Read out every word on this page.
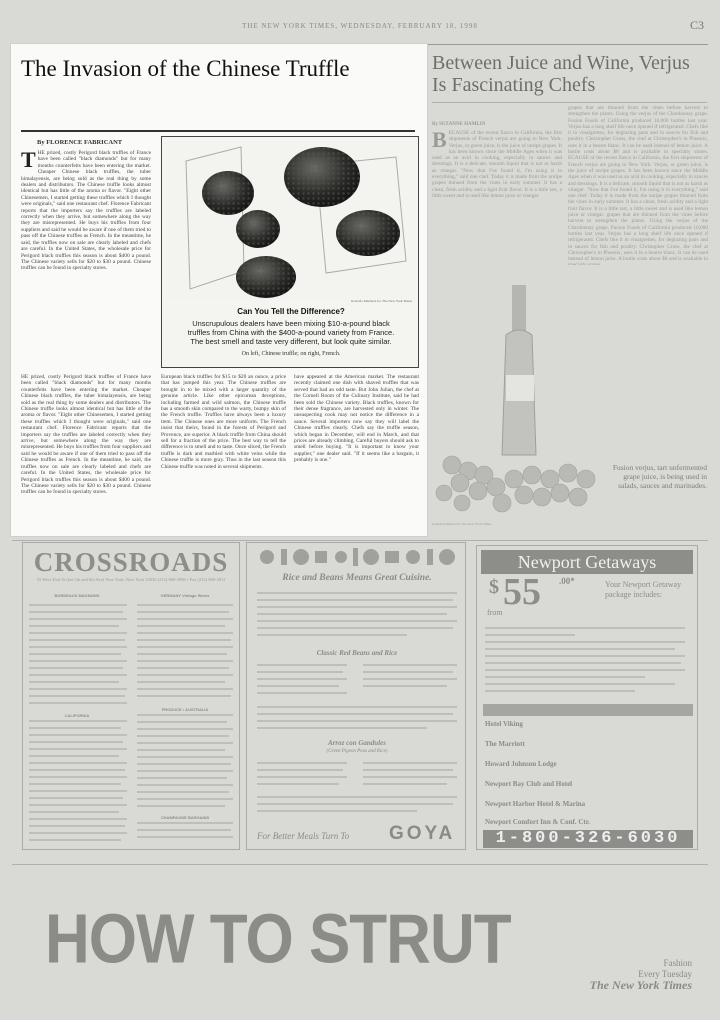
THE NEW YORK TIMES, WEDNESDAY, FEBRUARY 18, 1998	C3
The Invasion of the Chinese Truffle
By FLORENCE FABRICANT
T HE prized, costly Perigord black truffles of France have been called "black diamonds" but for many months counterfeits have been entering the market. Cheaper Chinese black truffles, the tuber himalayensis, are being sold as the real thing by some dealers and distributors. The Chinese truffle looks almost identical but has little of the aroma or flavor. "Eight other Chinesemen, I started getting these truffles which I thought were originals," said one restaurant chef. Florence Fabricant reports that the importers say the truffles are labeled correctly when they arrive, but somewhere along the way they are misrepresented. He buys his truffles from four suppliers and said he would be aware if one of them tried to pass off the Chinese truffles as French. In the meantime, he said, the truffles now on sale are clearly labeled and chefs are careful. In the United States, the wholesale price for Perigord black truffles this season is about $400 a pound. The Chinese variety sells for $20 to $30 a pound. Chinese truffles can be found in specialty stores.
Rodolfo Martinez for The New York Times
Can You Tell the Difference?
Unscrupulous dealers have been mixing $10-a-pound black truffles from China with the $400-a-pound variety from France. The best smell and taste very different, but look quite similar.
On left, Chinese truffle; on right, French.
HE prized, costly Perigord black truffles of France have been called "black diamonds" but for many months counterfeits have been entering the market. Cheaper Chinese black truffles, the tuber himalayensis, are being sold as the real thing by some dealers and distributors. The Chinese truffle looks almost identical but has little of the aroma or flavor. "Eight other Chinesemen, I started getting these truffles which I thought were originals," said one restaurant chef. Florence Fabricant reports that the importers say the truffles are labeled correctly when they arrive, but somewhere along the way they are misrepresented. He buys his truffles from four suppliers and said he would be aware if one of them tried to pass off the Chinese truffles as French. In the meantime, he said, the truffles now on sale are clearly labeled and chefs are careful. In the United States, the wholesale price for Perigord black truffles this season is about $400 a pound. The Chinese variety sells for $20 to $30 a pound. Chinese truffles can be found in specialty stores.
European black truffles for $15 to $20 an ounce, a price that has jumped this year. The Chinese truffles are brought in to be mixed with a larger quantity of the genuine article. Like other epicurean deceptions, including farmed and wild salmon, the Chinese truffle has a smooth skin compared to the warty, bumpy skin of the French truffle. Truffles have always been a luxury item. The Chinese ones are more uniform. The French insist that theirs, found in the forests of Perigord and Provence, are superior. A black truffle from China should sell for a fraction of the price. The best way to tell the difference is to smell and to taste. Once sliced, the French truffle is dark and marbled with white veins while the Chinese truffle is more gray. Thus in the last season this Chinese truffle was noted in several shipments.
have appeared at the American market. The restaurant recently claimed one dish with shaved truffles that was served that had an odd taste. But John Julian, the chef at the Cornell Room of the Culinary Institute, said he had been sold the Chinese variety. Black truffles, known for their dense fragrance, are harvested only in winter. The unsuspecting cook may not notice the difference in a sauce. Several importers now say they will label the Chinese truffles clearly. Chefs say the truffle season, which began in December, will end in March, and that prices are already climbing. Careful buyers should ask to smell before buying. "It is important to know your supplier," one dealer said. "If it seems like a bargain, it probably is one."
Between Juice and Wine, Verjus Is Fascinating Chefs
By SUZANNE HAMLIN
B ECAUSE of the recent fiasco in California, the first shipments of French verjus are going to New York. Verjus, or green juice, is the juice of unripe grapes. It has been known since the Middle Ages when it was used as an acid in cooking, especially in sauces and dressings. It is a delicate, smooth liquid that is not as harsh as vinegar. "Now that I've found it, I'm using it in everything," said one chef. Today it is made from the unripe grapes thinned from the vines in early summer. It has a clean, fresh acidity and a light fruit flavor. It is a little tart, a little sweet and is used like lemon juice or vinegar.
grapes that are thinned from the vines before harvest to strengthen the plants. Using the verjus of the Chardonnay grape, Fusion Foods of California produced 10,000 bottles last year. Verjus has a long shelf life once opened if refrigerated. Chefs like it in vinaigrettes, for deglazing pans and in sauces for fish and poultry. Christopher Gross, the chef at Christopher's in Phoenix, uses it in a beurre blanc. It can be used instead of lemon juice. A bottle costs about $8 and is available in specialty stores. ECAUSE of the recent fiasco in California, the first shipments of French verjus are going to New York. Verjus, or green juice, is the juice of unripe grapes. It has been known since the Middle Ages when it was used as an acid in cooking, especially in sauces and dressings. It is a delicate, smooth liquid that is not as harsh as vinegar. "Now that I've found it, I'm using it in everything," said one chef. Today it is made from the unripe grapes thinned from the vines in early summer. It has a clean, fresh acidity and a light fruit flavor. It is a little tart, a little sweet and is used like lemon juice or vinegar. grapes that are thinned from the vines before harvest to strengthen the plants. Using the verjus of the Chardonnay grape, Fusion Foods of California produced 10,000 bottles last year. Verjus has a long shelf life once opened if refrigerated. Chefs like it in vinaigrettes, for deglazing pans and in sauces for fish and poultry. Christopher Gross, the chef at Christopher's in Phoenix, uses it in a beurre blanc. It can be used instead of lemon juice. A bottle costs about $8 and is available in
Fusion verjus, tart unfermented grape juice, is being used in salads, sauces and marinades.
Joseph Seminara for The New York Times
CROSSROADS
55 West 43rd St (bet 5th and 6th Ave) New York, New York 10036 (212) 869-3900 • Fax (212) 869-3911
BORDEAUX MAGNUMS	GERMANY Vintage Wines
PRODUCE • AUSTRALIA
CALIFORNIA
CHAMPAGNE BARGAINS
Rice and Beans Means Great Cuisine.
Classic Red Beans and Rice
Arroz con Gandules
(Green Pigeon Peas and Rice)
For Better Meals Turn To GOYA
Newport Getaways
$ 55 .00*
from
Your Newport Getaway package includes:
Hotel Viking
The Marriott
Howard Johnson Lodge
Newport Bay Club and Hotel
Newport Harbor Hotel & Marina
Newport Comfort Inn & Conf. Ctr.
1-800-326-6030
HOW TO STRUT	Fashion
Every Tuesday
The New York Times
